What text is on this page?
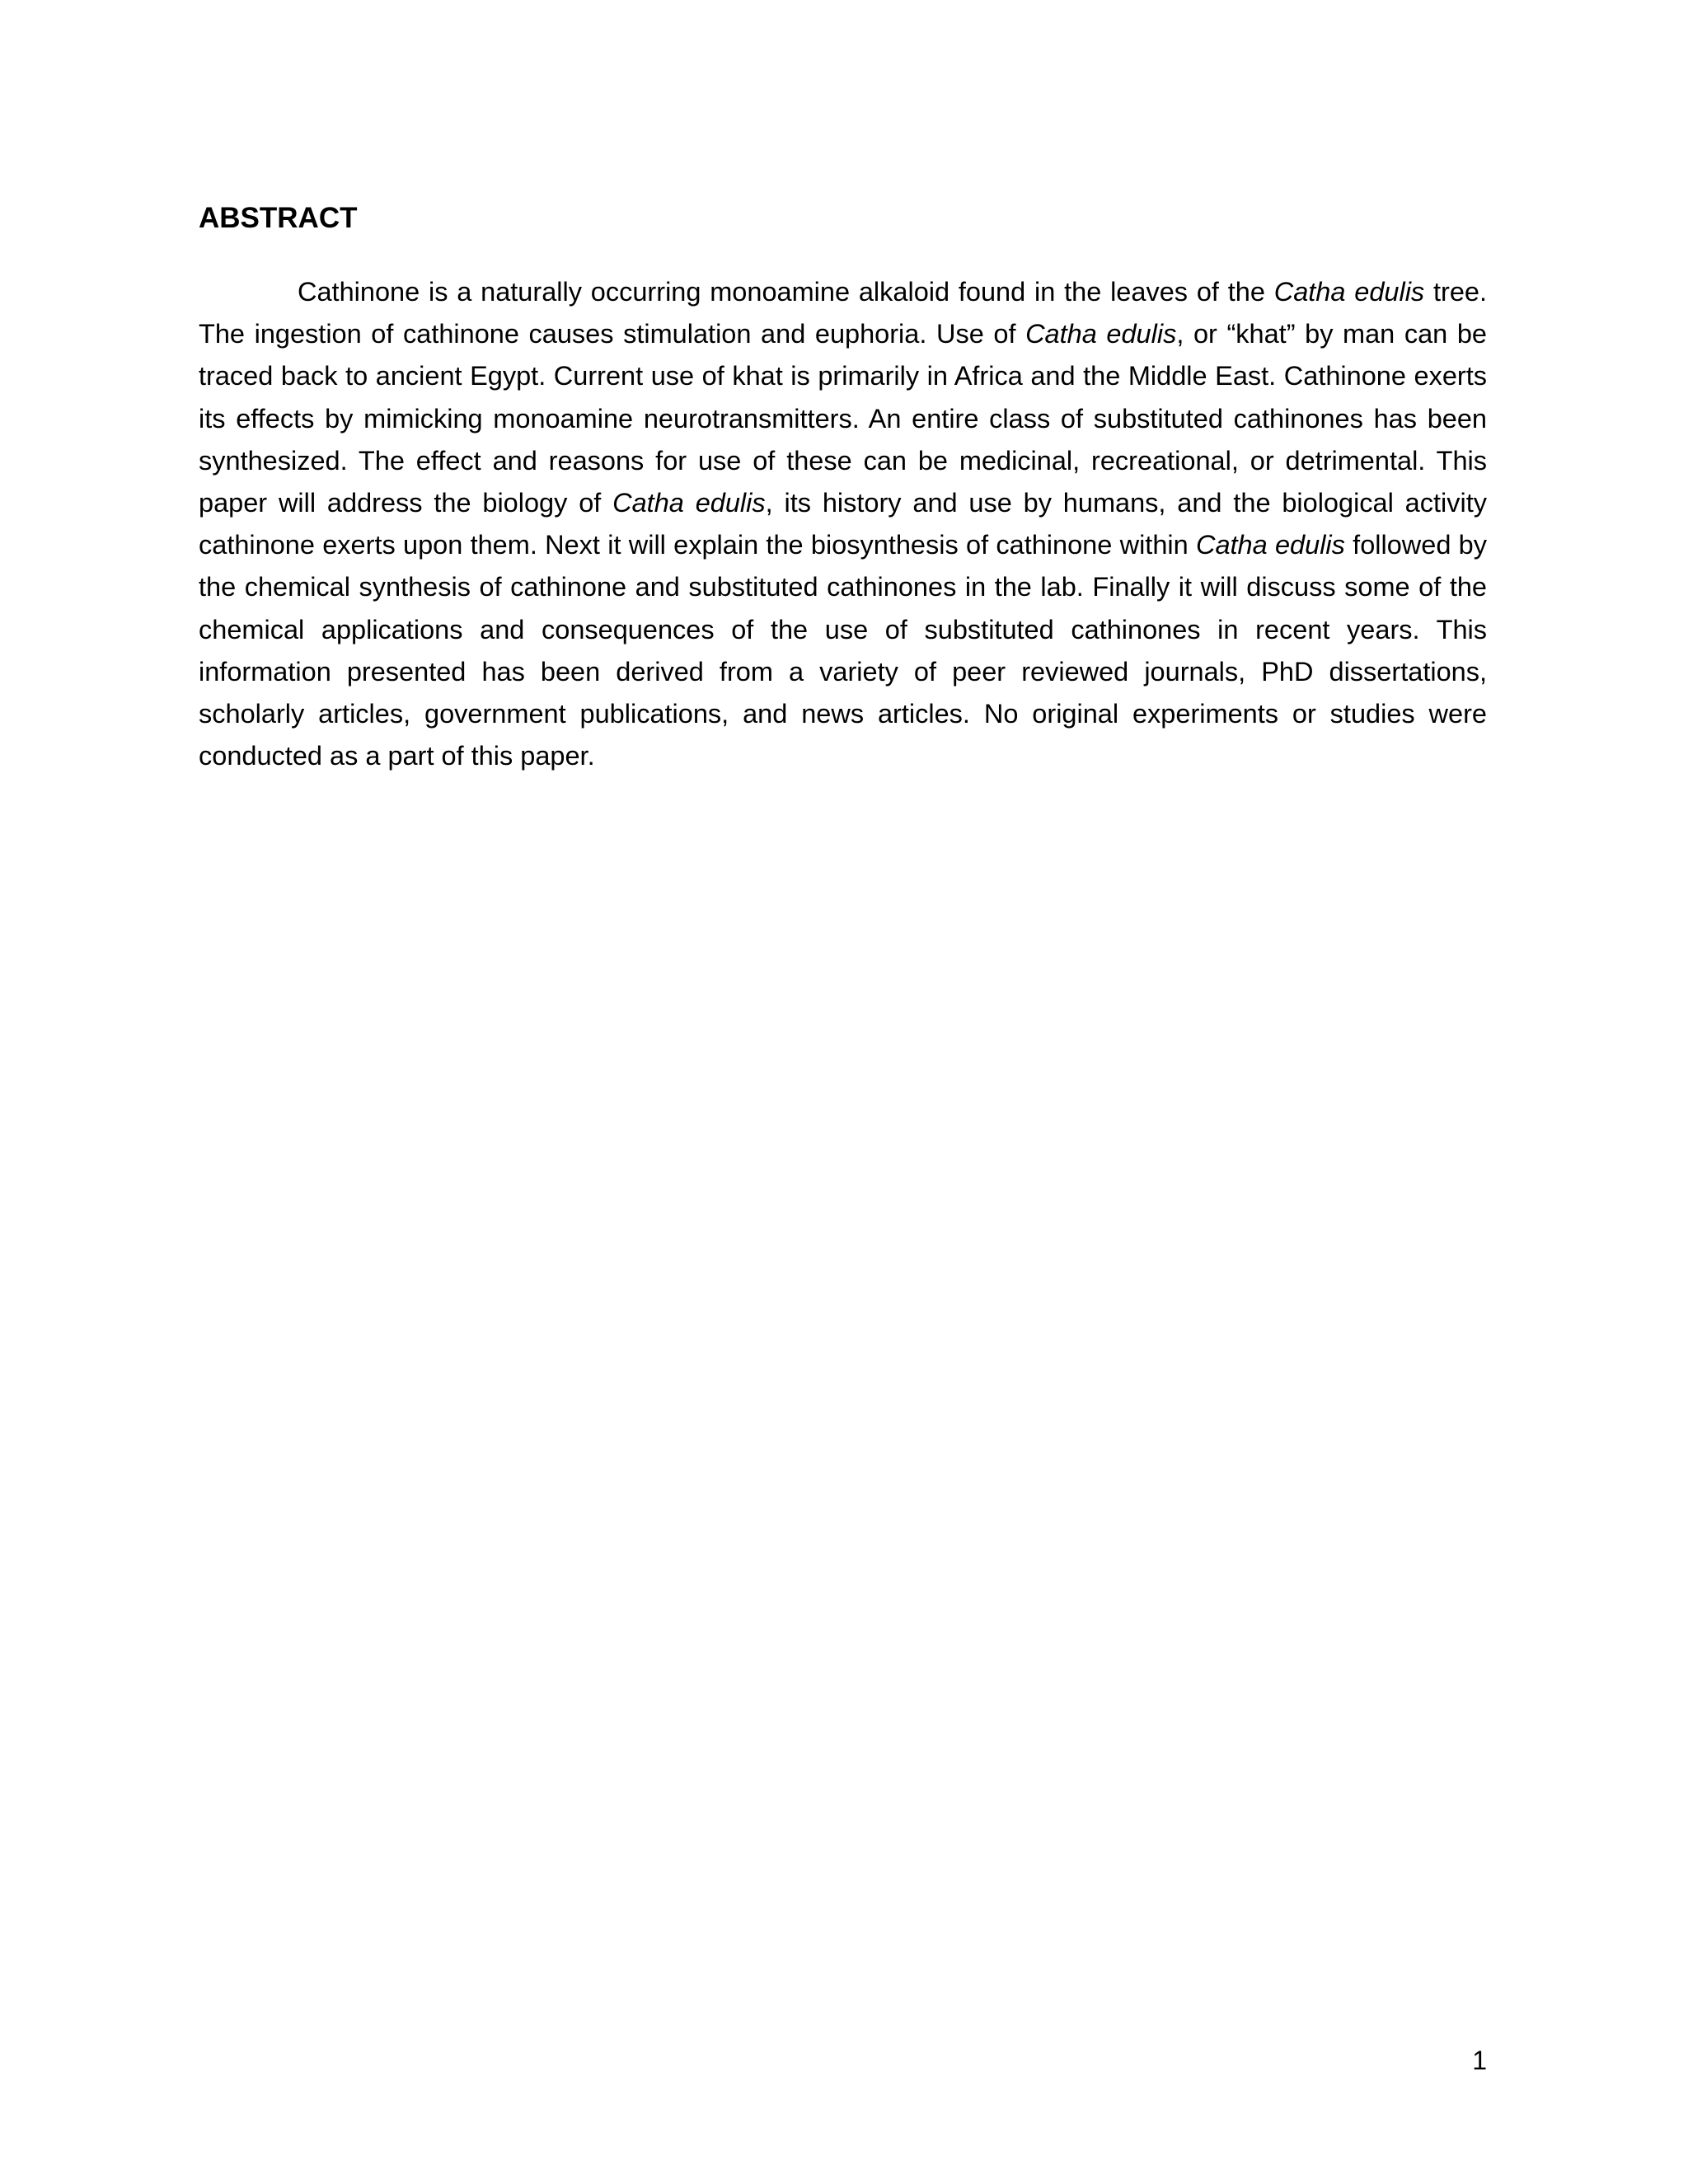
ABSTRACT

Cathinone is a naturally occurring monoamine alkaloid found in the leaves of the Catha edulis tree. The ingestion of cathinone causes stimulation and euphoria. Use of Catha edulis, or “khat” by man can be traced back to ancient Egypt. Current use of khat is primarily in Africa and the Middle East. Cathinone exerts its effects by mimicking monoamine neurotransmitters. An entire class of substituted cathinones has been synthesized. The effect and reasons for use of these can be medicinal, recreational, or detrimental. This paper will address the biology of Catha edulis, its history and use by humans, and the biological activity cathinone exerts upon them. Next it will explain the biosynthesis of cathinone within Catha edulis followed by the chemical synthesis of cathinone and substituted cathinones in the lab. Finally it will discuss some of the chemical applications and consequences of the use of substituted cathinones in recent years. This information presented has been derived from a variety of peer reviewed journals, PhD dissertations, scholarly articles, government publications, and news articles. No original experiments or studies were conducted as a part of this paper.

1
